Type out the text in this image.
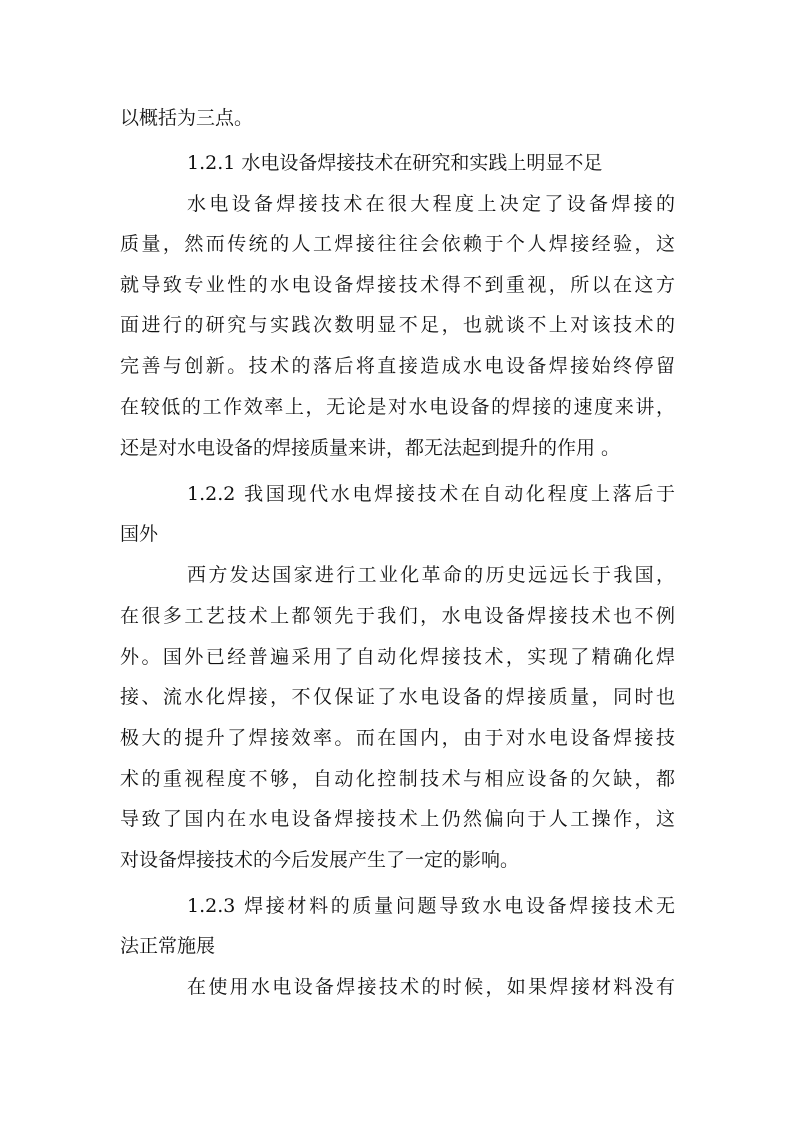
以概括为三点。
1.2.1 水电设备焊接技术在研究和实践上明显不足
水电设备焊接技术在很大程度上决定了设备焊接的
质量，然而传统的人工焊接往往会依赖于个人焊接经验，这
就导致专业性的水电设备焊接技术得不到重视，所以在这方
面进行的研究与实践次数明显不足，也就谈不上对该技术的
完善与创新。技术的落后将直接造成水电设备焊接始终停留
在较低的工作效率上，无论是对水电设备的焊接的速度来讲，
还是对水电设备的焊接质量来讲，都无法起到提升的作用 。
1.2.2 我国现代水电焊接技术在自动化程度上落后于
国外
西方发达国家进行工业化革命的历史远远长于我国，
在很多工艺技术上都领先于我们，水电设备焊接技术也不例
外。国外已经普遍采用了自动化焊接技术，实现了精确化焊
接、流水化焊接，不仅保证了水电设备的焊接质量，同时也
极大的提升了焊接效率。而在国内，由于对水电设备焊接技
术的重视程度不够，自动化控制技术与相应设备的欠缺，都
导致了国内在水电设备焊接技术上仍然偏向于人工操作，这
对设备焊接技术的今后发展产生了一定的影响。
1.2.3 焊接材料的质量问题导致水电设备焊接技术无
法正常施展
在使用水电设备焊接技术的时候，如果焊接材料没有
